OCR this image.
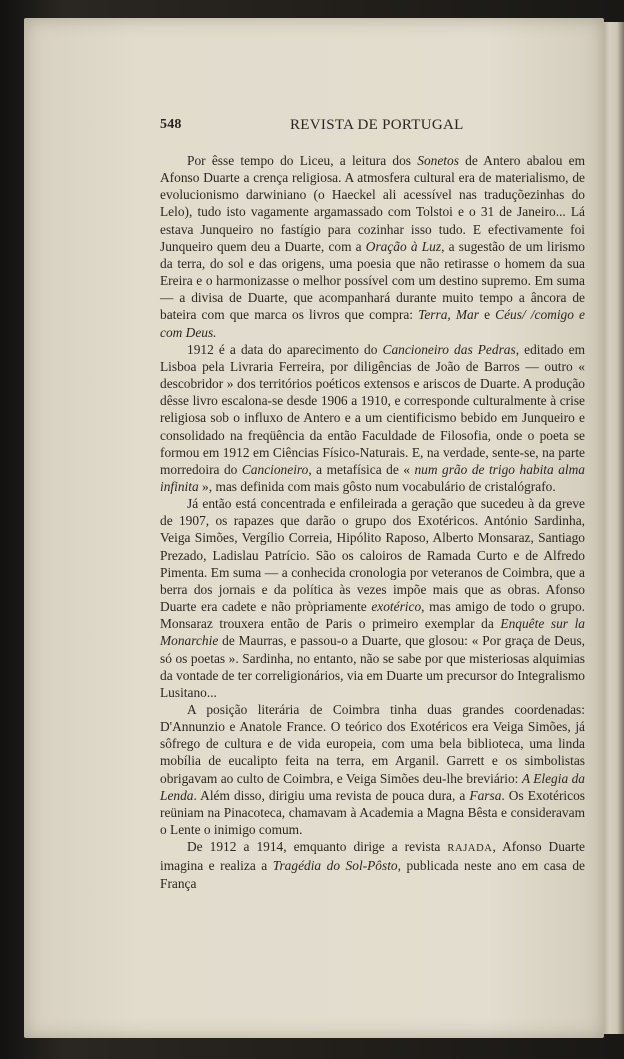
548	REVISTA DE PORTUGAL

Por êsse tempo do Liceu, a leitura dos Sonetos de Antero abalou em Afonso Duarte a crença religiosa. A atmosfera cultural era de materialismo, de evolucionismo darwiniano (o Haeckel ali acessível nas traduçõezinhas do Lelo), tudo isto vagamente argamassado com Tolstoi e o 31 de Janeiro... Lá estava Junqueiro no fastígio para cozinhar isso tudo. E efectivamente foi Junqueiro quem deu a Duarte, com a Oração à Luz, a sugestão de um lirismo da terra, do sol e das origens, uma poesia que não retirasse o homem da sua Ereira e o harmonizasse o melhor possível com um destino supremo. Em suma — a divisa de Duarte, que acompanhará durante muito tempo a âncora de bateira com que marca os livros que compra: Terra, Mar e Céus/ /comigo e com Deus.

1912 é a data do aparecimento do Cancioneiro das Pedras, editado em Lisboa pela Livraria Ferreira, por diligências de João de Barros — outro « descobridor » dos territórios poéticos extensos e ariscos de Duarte. A produção dêsse livro escalona-se desde 1906 a 1910, e corresponde culturalmente à crise religiosa sob o influxo de Antero e a um cientificismo bebido em Junqueiro e consolidado na freqüência da então Faculdade de Filosofia, onde o poeta se formou em 1912 em Ciências Físico-Naturais. E, na verdade, sente-se, na parte morredoira do Cancioneiro, a metafísica de « num grão de trigo habita alma infinita », mas definida com mais gôsto num vocabulário de cristalógrafo.

Já então está concentrada e enfileirada a geração que sucedeu à da greve de 1907, os rapazes que darão o grupo dos Exotéricos. António Sardinha, Veiga Simões, Vergílio Correia, Hipólito Raposo, Alberto Monsaraz, Santiago Prezado, Ladislau Patrício. São os caloiros de Ramada Curto e de Alfredo Pimenta. Em suma — a conhecida cronologia por veteranos de Coimbra, que a berra dos jornais e da política às vezes impõe mais que as obras. Afonso Duarte era cadete e não pròpriamente exotérico, mas amigo de todo o grupo. Monsaraz trouxera então de Paris o primeiro exemplar da Enquête sur la Monarchie de Maurras, e passou-o a Duarte, que glosou: « Por graça de Deus, só os poetas ». Sardinha, no entanto, não se sabe por que misteriosas alquimias da vontade de ter correligionários, via em Duarte um precursor do Integralismo Lusitano...

A posição literária de Coimbra tinha duas grandes coordenadas: D'Annunzio e Anatole France. O teórico dos Exotéricos era Veiga Simões, já sôfrego de cultura e de vida europeia, com uma bela biblioteca, uma linda mobília de eucalipto feita na terra, em Arganil. Garrett e os simbolistas obrigavam ao culto de Coimbra, e Veiga Simões deu-lhe breviário: A Elegia da Lenda. Além disso, dirigiu uma revista de pouca dura, a Farsa. Os Exotéricos reüniam na Pinacoteca, chamavam à Academia a Magna Bêsta e consideravam o Lente o inimigo comum.

De 1912 a 1914, emquanto dirige a revista RAJADA, Afonso Duarte imagina e realiza a Tragédia do Sol-Pôsto, publicada neste ano em casa de França
